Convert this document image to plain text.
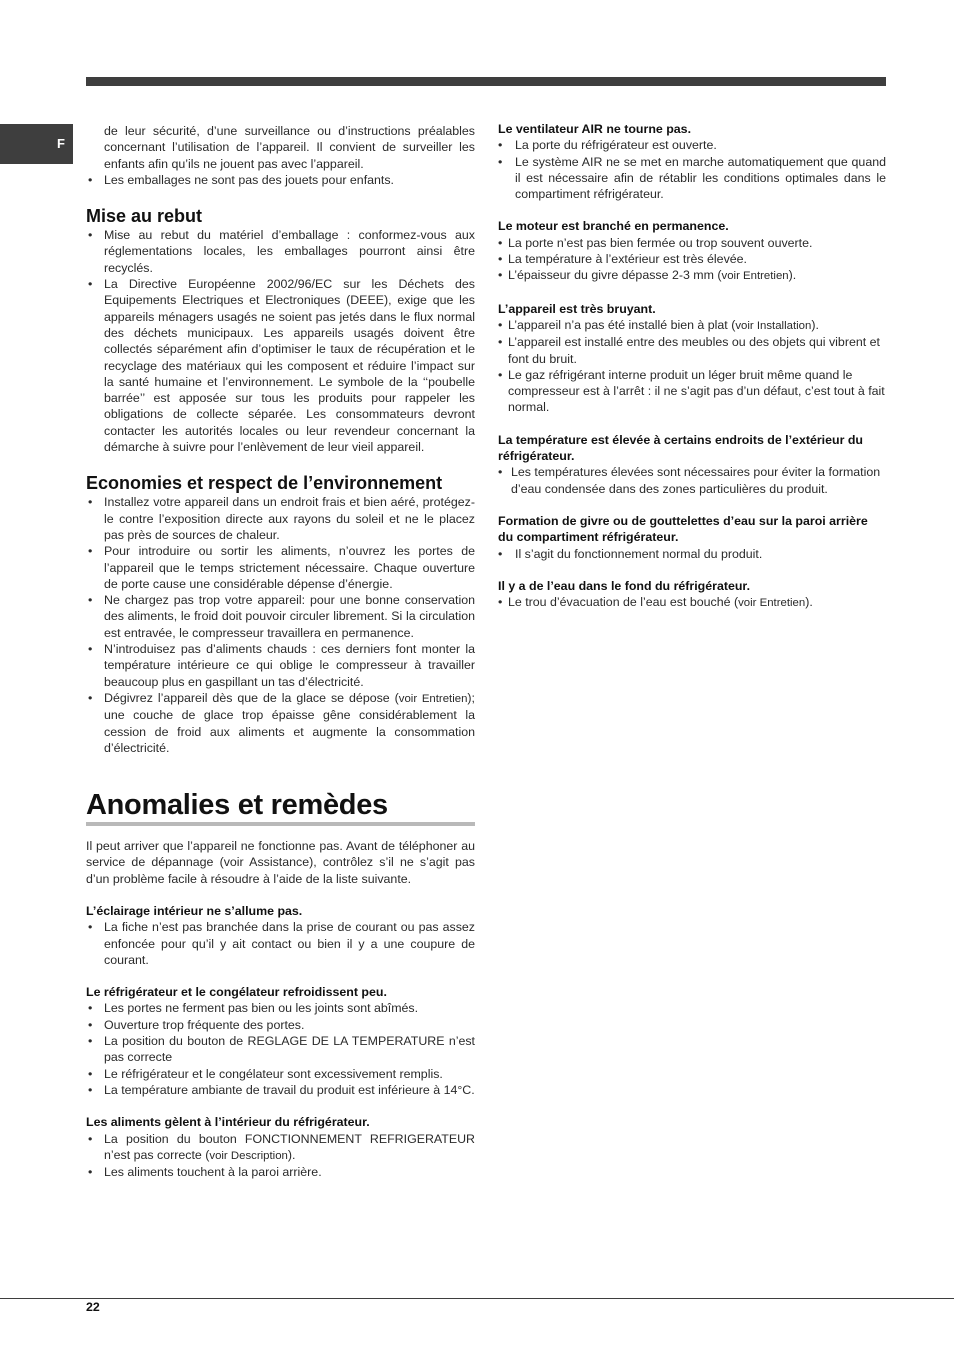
F

de leur sécurité, d’une surveillance ou d’instructions préalables concernant l’utilisation de l’appareil. Il convient de surveiller les enfants afin qu’ils ne jouent pas avec l’appareil.

• Les emballages ne sont pas des jouets pour enfants.
Mise au rebut
• Mise au rebut du matériel d’emballage : conformez-vous aux réglementations locales, les emballages pourront ainsi être recyclés.
• La Directive Européenne 2002/96/EC sur les Déchets des Equipements Electriques et Electroniques (DEEE), exige que les appareils ménagers usagés ne soient pas jetés dans le flux normal des déchets municipaux. Les appareils usagés doivent être collectés séparément afin d’optimiser le taux de récupération et le recyclage des matériaux qui les composent et réduire l’impact sur la santé humaine et l’environnement. Le symbole de la ‘‘poubelle barrée’’ est apposée sur tous les produits pour rappeler les obligations de collecte séparée. Les consommateurs devront contacter les autorités locales ou leur revendeur concernant la démarche à suivre pour l’enlèvement de leur vieil appareil.
Economies et respect de l’environnement
• Installez votre appareil dans un endroit frais et bien aéré, protégez-le contre l’exposition directe aux rayons du soleil et ne le placez pas près de sources de chaleur.
• Pour introduire ou sortir les aliments, n’ouvrez les portes de l’appareil que le temps strictement nécessaire. Chaque ouverture de porte cause une considérable dépense d’énergie.
• Ne chargez pas trop votre appareil: pour une bonne conservation des aliments, le froid doit pouvoir circuler librement. Si la circulation est entravée, le compresseur travaillera en permanence.
• N’introduisez pas d’aliments chauds : ces derniers font monter la température intérieure ce qui oblige le compresseur à travailler beaucoup plus en gaspillant un tas d’électricité.
• Dégivrez l’appareil dès que de la glace se dépose (voir Entretien); une couche de glace trop épaisse gêne considérablement la cession de froid aux aliments et augmente la consommation d’électricité.
Anomalies et remèdes

Il peut arriver que l’appareil ne fonctionne pas. Avant de téléphoner au service de dépannage (voir Assistance), contrôlez s’il ne s’agit pas d’un problème facile à résoudre à l’aide de la liste suivante.

L’éclairage intérieur ne s’allume pas.

• La fiche n’est pas branchée dans la prise de courant ou pas assez enfoncée pour qu’il y ait contact ou bien il y a une coupure de courant.

Le réfrigérateur et le congélateur refroidissent peu.

• Les portes ne ferment pas bien ou les joints sont abîmés.
• Ouverture trop fréquente des portes.
• La position du bouton de REGLAGE DE LA TEMPERATURE n’est pas correcte
• Le réfrigérateur et le congélateur sont excessivement remplis.
• La température ambiante de travail du produit est inférieure à 14°C.

Les aliments gèlent à l’intérieur du réfrigérateur.

• La position du bouton FONCTIONNEMENT REFRIGERATEUR n’est pas correcte (voir Description).
• Les aliments touchent à la paroi arrière.

Le ventilateur AIR ne tourne pas.

• La porte du réfrigérateur est ouverte.
• Le système AIR ne se met en marche automatiquement que quand il est nécessaire afin de rétablir les conditions optimales dans le compartiment réfrigérateur.

Le moteur est branché en permanence.

• La porte n’est pas bien fermée ou trop souvent ouverte.
• La température à l’extérieur est très élevée.
• L’épaisseur du givre dépasse 2-3 mm (voir Entretien).

L’appareil est très bruyant.

• L’appareil n’a pas été installé bien à plat (voir Installation).
• L’appareil est installé entre des meubles ou des objets qui vibrent et font du bruit.
• Le gaz réfrigérant interne produit un léger bruit même quand le compresseur est à l’arrêt : il ne s’agit pas d’un défaut, c’est tout à fait normal.

La température est élevée à certains endroits de l’extérieur du réfrigérateur.

• Les températures élevées sont nécessaires pour éviter la formation d’eau condensée dans des zones particulières du produit.

Formation de givre ou de gouttelettes d’eau sur la paroi arrière du compartiment réfrigérateur.

• Il s’agit du fonctionnement normal du produit.

Il y a de l’eau dans le fond du réfrigérateur.

• Le trou d’évacuation de l’eau est bouché (voir Entretien).
22
